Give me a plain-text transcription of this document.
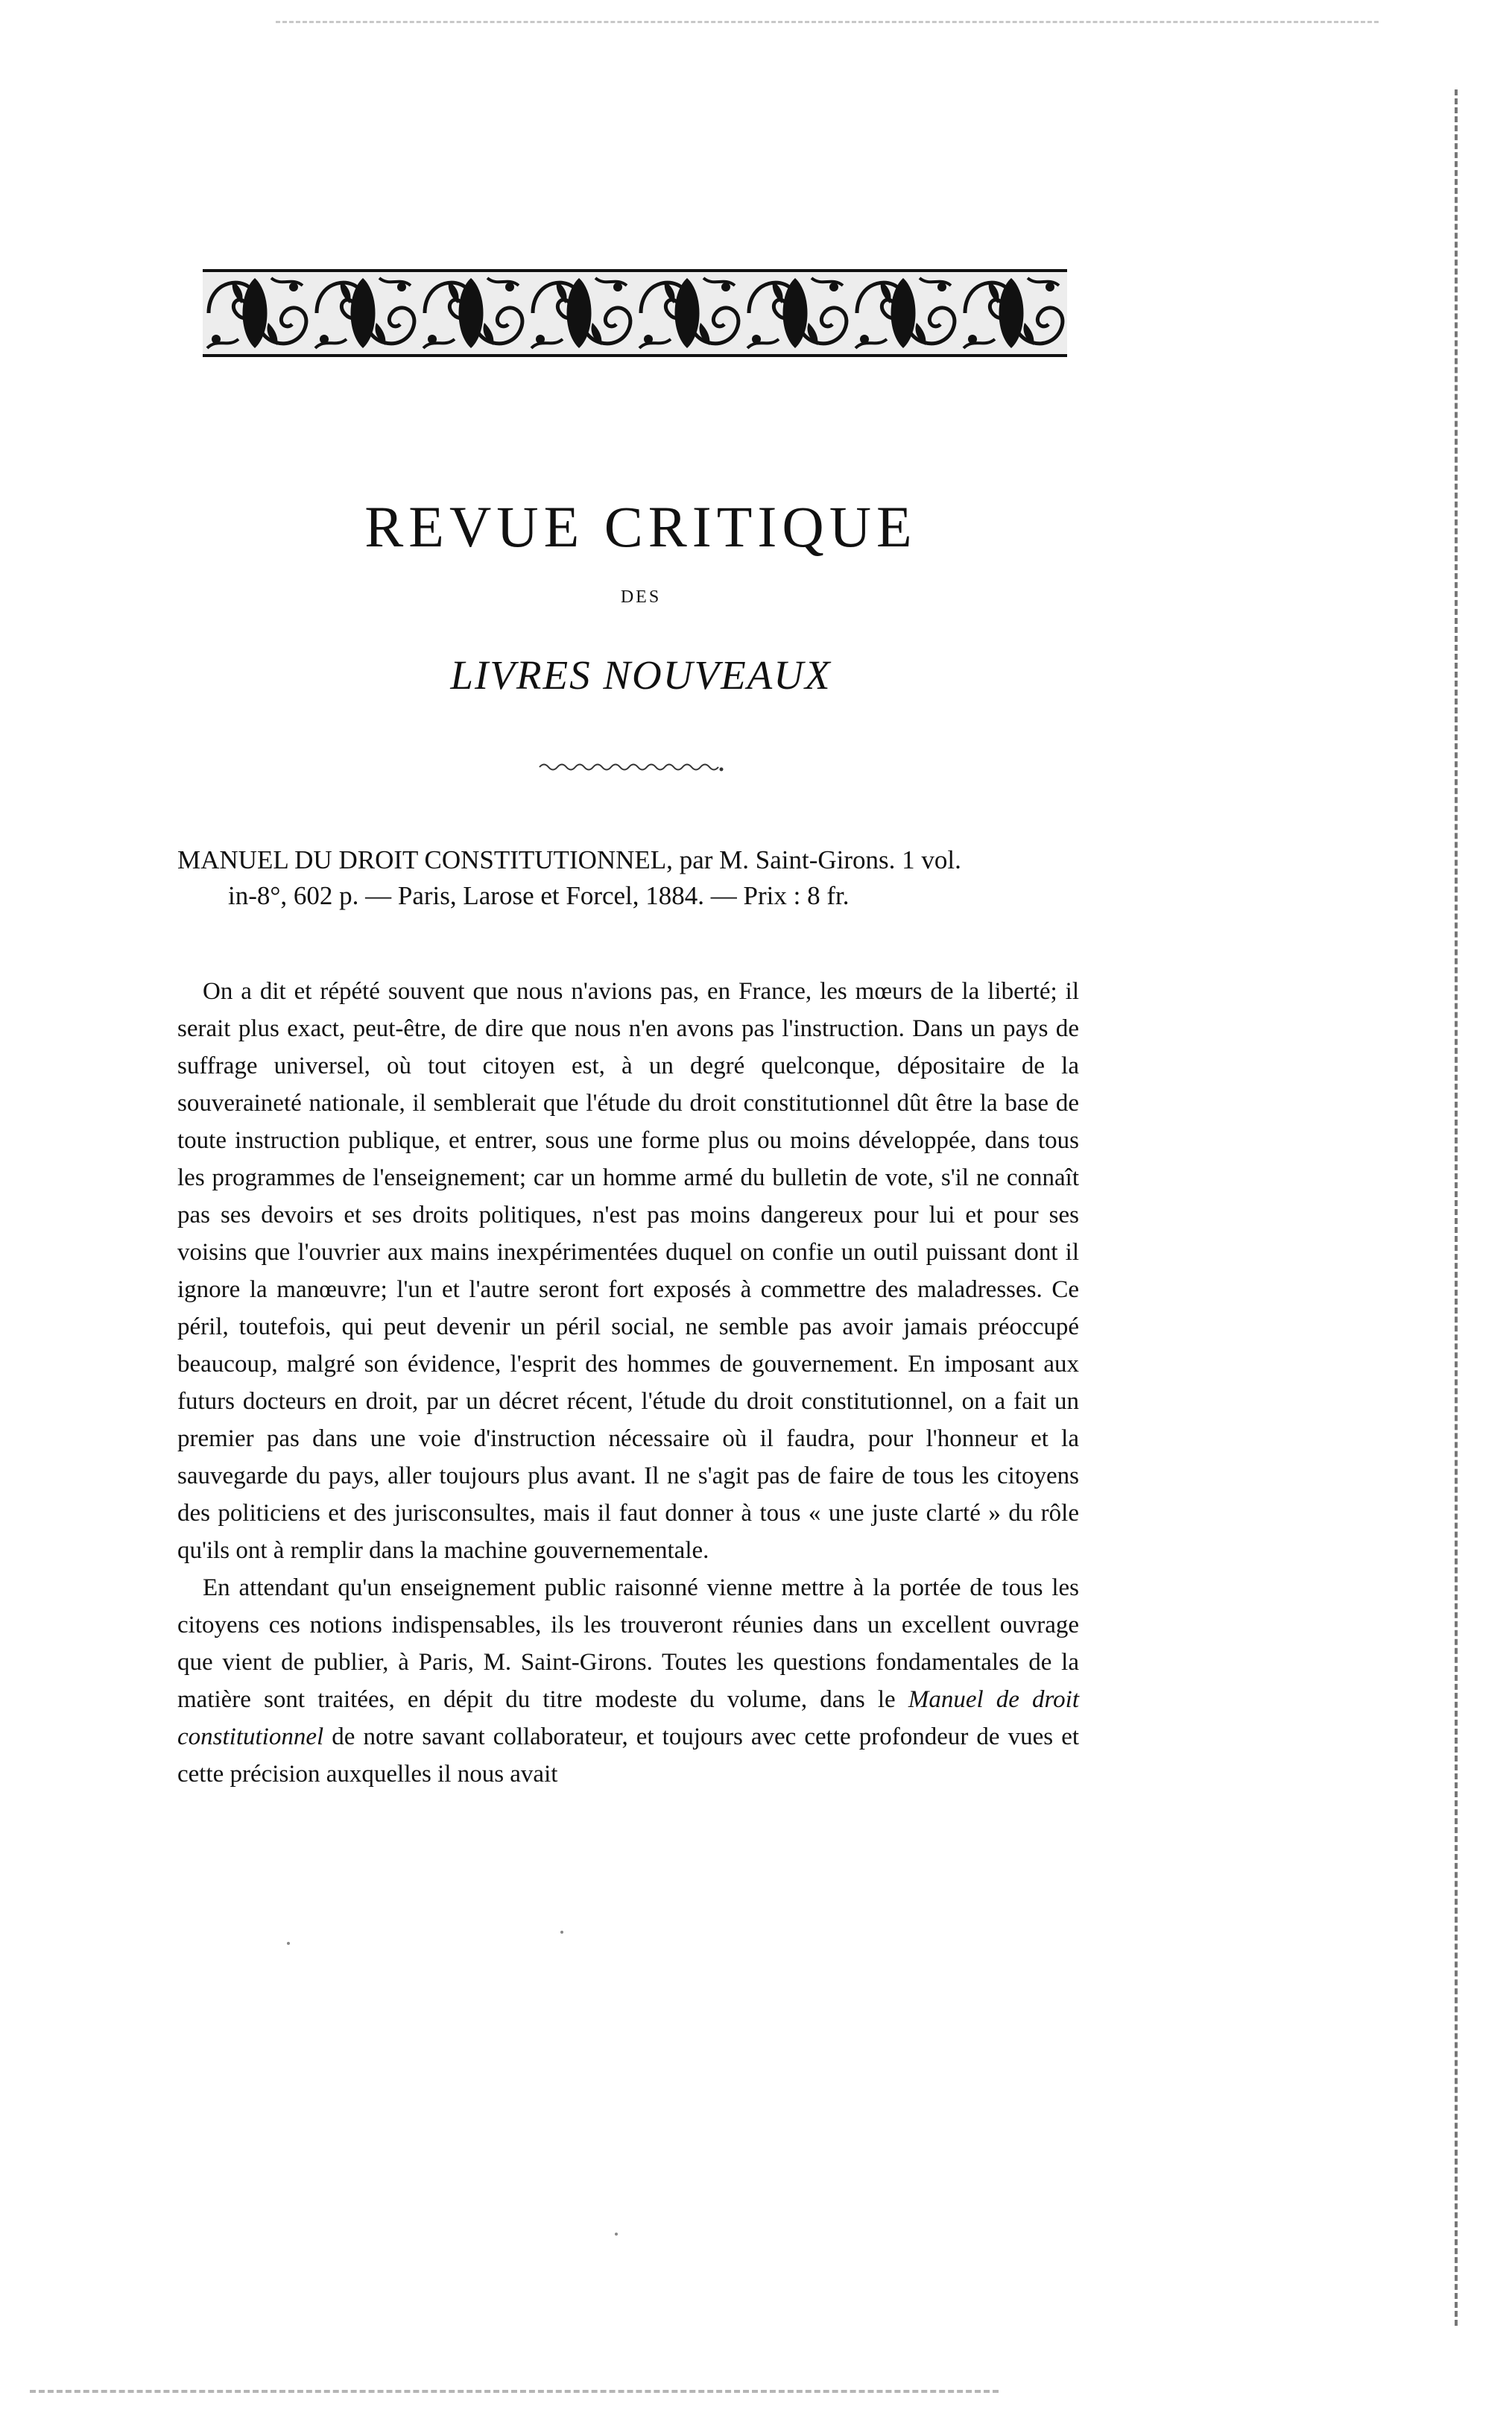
REVUE CRITIQUE
DES
LIVRES NOUVEAUX
MANUEL DU DROIT CONSTITUTIONNEL, par M. Saint-Girons. 1 vol.
in-8°, 602 p. — Paris, Larose et Forcel, 1884. — Prix : 8 fr.

On a dit et répété souvent que nous n'avions pas, en France, les mœurs de la liberté; il serait plus exact, peut-être, de dire que nous n'en avons pas l'instruction. Dans un pays de suffrage universel, où tout citoyen est, à un degré quelconque, dépositaire de la souveraineté nationale, il semblerait que l'étude du droit constitutionnel dût être la base de toute instruction publique, et entrer, sous une forme plus ou moins développée, dans tous les programmes de l'enseignement; car un homme armé du bulletin de vote, s'il ne connaît pas ses devoirs et ses droits politiques, n'est pas moins dangereux pour lui et pour ses voisins que l'ouvrier aux mains inexpérimentées duquel on confie un outil puissant dont il ignore la manœuvre; l'un et l'autre seront fort exposés à commettre des maladresses. Ce péril, toutefois, qui peut devenir un péril social, ne semble pas avoir jamais préoccupé beaucoup, malgré son évidence, l'esprit des hommes de gouvernement. En imposant aux futurs docteurs en droit, par un décret récent, l'étude du droit constitutionnel, on a fait un premier pas dans une voie d'instruction nécessaire où il faudra, pour l'honneur et la sauvegarde du pays, aller toujours plus avant. Il ne s'agit pas de faire de tous les citoyens des politiciens et des jurisconsultes, mais il faut donner à tous « une juste clarté » du rôle qu'ils ont à remplir dans la machine gouvernementale.

En attendant qu'un enseignement public raisonné vienne mettre à la portée de tous les citoyens ces notions indispensables, ils les trouveront réunies dans un excellent ouvrage que vient de publier, à Paris, M. Saint-Girons. Toutes les questions fondamentales de la matière sont traitées, en dépit du titre modeste du volume, dans le Manuel de droit constitutionnel de notre savant collaborateur, et toujours avec cette profondeur de vues et cette précision auxquelles il nous avait
